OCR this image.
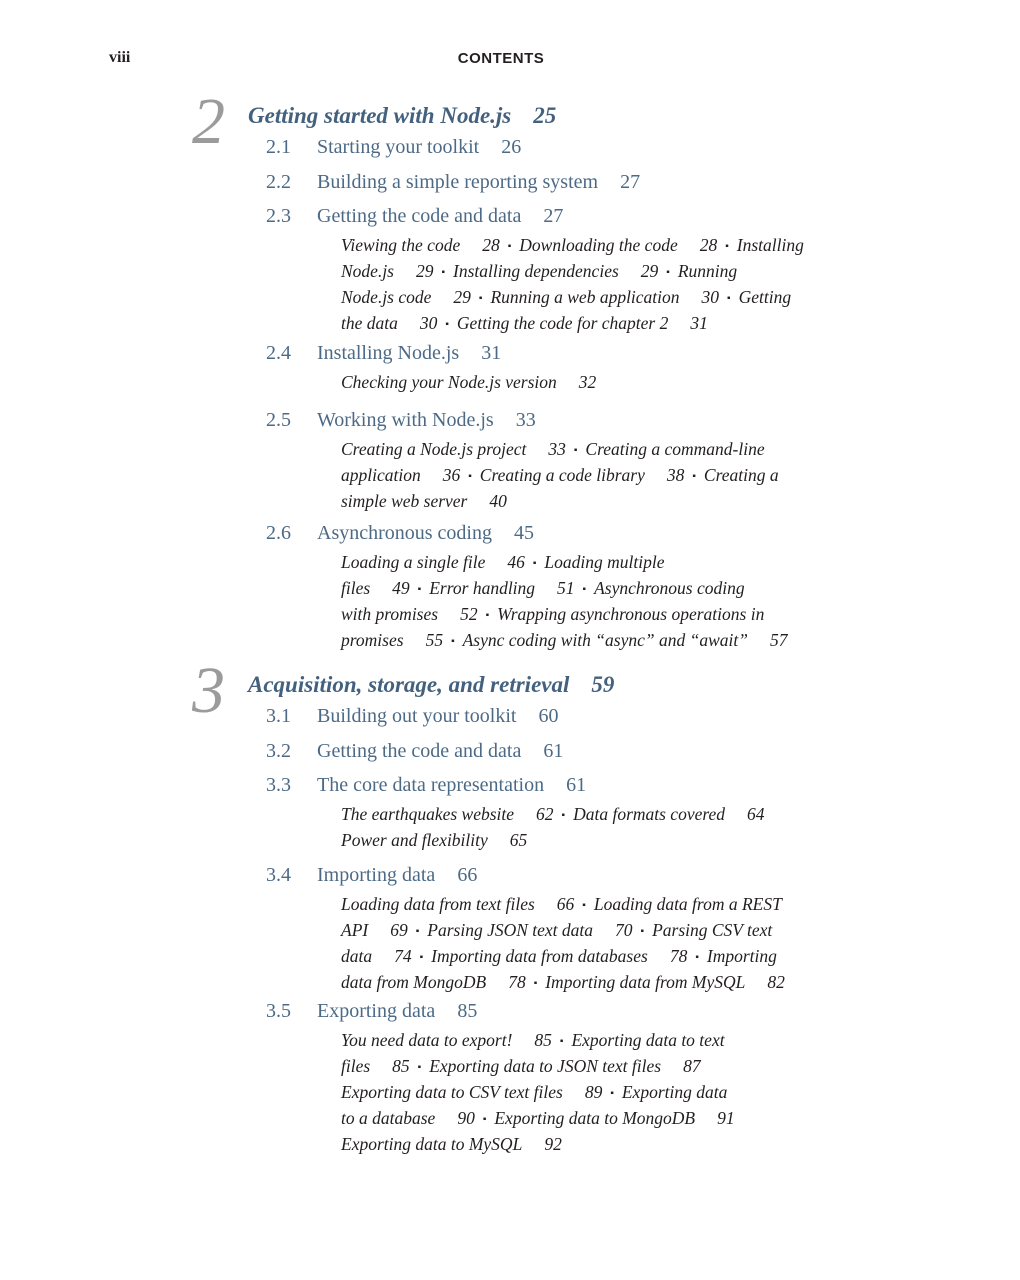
viii	CONTENTS
2 Getting started with Node.js 25
2.1 Starting your toolkit 26
2.2 Building a simple reporting system 27
2.3 Getting the code and data 27
Viewing the code 28 ▪ Downloading the code 28 ▪ Installing
Node.js 29 ▪ Installing dependencies 29 ▪ Running
Node.js code 29 ▪ Running a web application 30 ▪ Getting
the data 30 ▪ Getting the code for chapter 2 31
2.4 Installing Node.js 31
Checking your Node.js version 32
2.5 Working with Node.js 33
Creating a Node.js project 33 ▪ Creating a command-line
application 36 ▪ Creating a code library 38 ▪ Creating a
simple web server 40
2.6 Asynchronous coding 45
Loading a single file 46 ▪ Loading multiple
files 49 ▪ Error handling 51 ▪ Asynchronous coding
with promises 52 ▪ Wrapping asynchronous operations in
promises 55 ▪ Async coding with “async” and “await” 57
3 Acquisition, storage, and retrieval 59
3.1 Building out your toolkit 60
3.2 Getting the code and data 61
3.3 The core data representation 61
The earthquakes website 62 ▪ Data formats covered 64
Power and flexibility 65
3.4 Importing data 66
Loading data from text files 66 ▪ Loading data from a REST
API 69 ▪ Parsing JSON text data 70 ▪ Parsing CSV text
data 74 ▪ Importing data from databases 78 ▪ Importing
data from MongoDB 78 ▪ Importing data from MySQL 82
3.5 Exporting data 85
You need data to export! 85 ▪ Exporting data to text
files 85 ▪ Exporting data to JSON text files 87
Exporting data to CSV text files 89 ▪ Exporting data
to a database 90 ▪ Exporting data to MongoDB 91
Exporting data to MySQL 92
